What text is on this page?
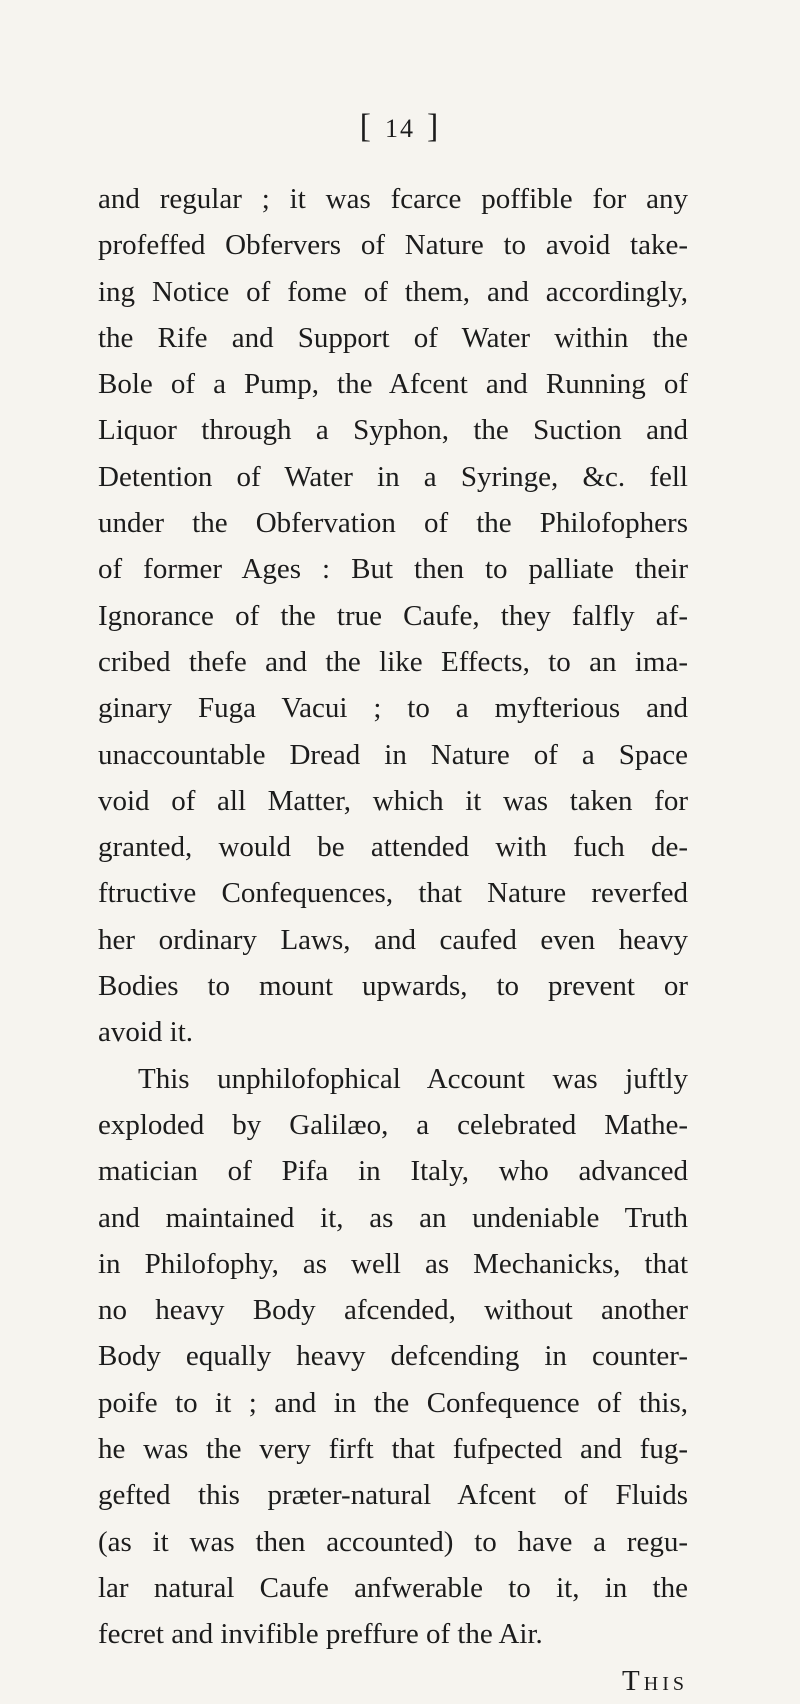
[ 14 ]
and regular ; it was fcarce poffible for any
profeffed Obfervers of Nature to avoid take-
ing Notice of fome of them, and accordingly,
the Rife and Support of Water within the
Bole of a Pump, the Afcent and Running of
Liquor through a Syphon, the Suction and
Detention of Water in a Syringe, &c. fell
under the Obfervation of the Philofophers
of former Ages : But then to palliate their
Ignorance of the true Caufe, they falfly af-
cribed thefe and the like Effects, to an ima-
ginary Fuga Vacui ; to a myfterious and
unaccountable Dread in Nature of a Space
void of all Matter, which it was taken for
granted, would be attended with fuch de-
ftructive Confequences, that Nature reverfed
her ordinary Laws, and caufed even heavy
Bodies to mount upwards, to prevent or
avoid it.
This unphilofophical Account was juftly
exploded by Galilæo, a celebrated Mathe-
matician of Pifa in Italy, who advanced
and maintained it, as an undeniable Truth
in Philofophy, as well as Mechanicks, that
no heavy Body afcended, without another
Body equally heavy defcending in counter-
poife to it ; and in the Confequence of this,
he was the very firft that fufpected and fug-
gefted this præter-natural Afcent of Fluids
(as it was then accounted) to have a regu-
lar natural Caufe anfwerable to it, in the
fecret and invifible preffure of the Air.
This
